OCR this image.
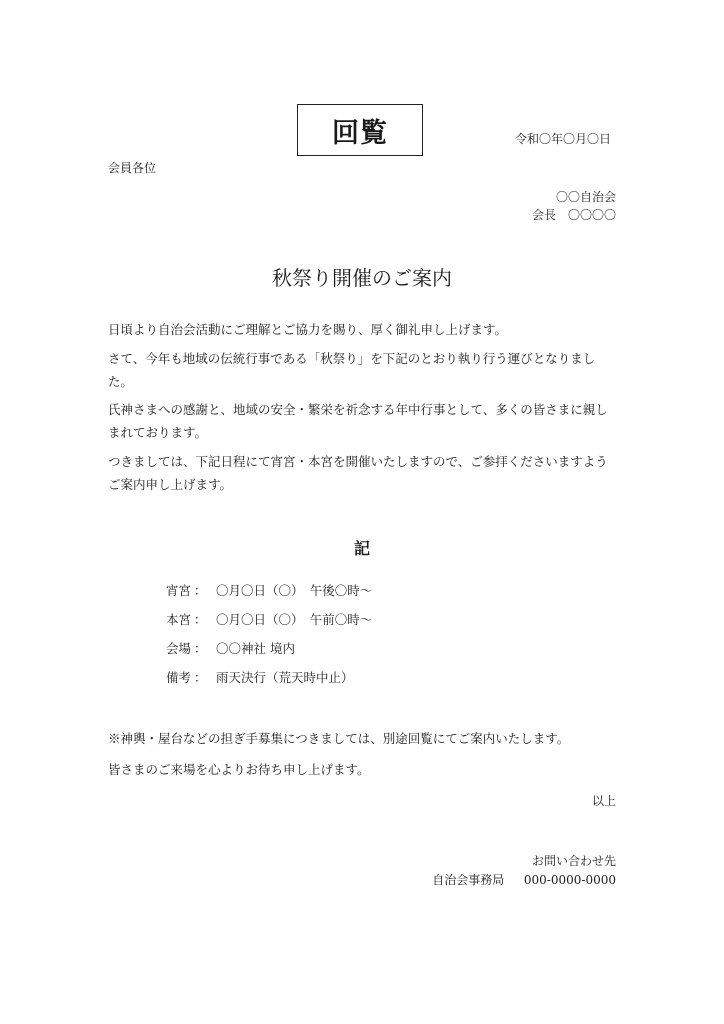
回覧	令和〇年〇月〇日
会員各位
〇〇自治会
会長　〇〇〇〇
秋祭り開催のご案内
日頃より自治会活動にご理解とご協力を賜り、厚く御礼申し上げます。
さて、今年も地域の伝統行事である「秋祭り」を下記のとおり執り行う運びとなりました。
氏神さまへの感謝と、地域の安全・繁栄を祈念する年中行事として、多くの皆さまに親しまれております。
つきましては、下記日程にて宵宮・本宮を開催いたしますので、ご参拝くださいますようご案内申し上げます。
記
宵宮 ： 〇月〇日（〇）　午後〇時～
本宮 ： 〇月〇日（〇）　午前〇時～
会場 ： 〇〇神社 境内
備考 ： 雨天決行（荒天時中止）
※神輿・屋台などの担ぎ手募集につきましては、別途回覧にてご案内いたします。
皆さまのご来場を心よりお待ち申し上げます。
以上
お問い合わせ先
自治会事務局 000-0000-0000
